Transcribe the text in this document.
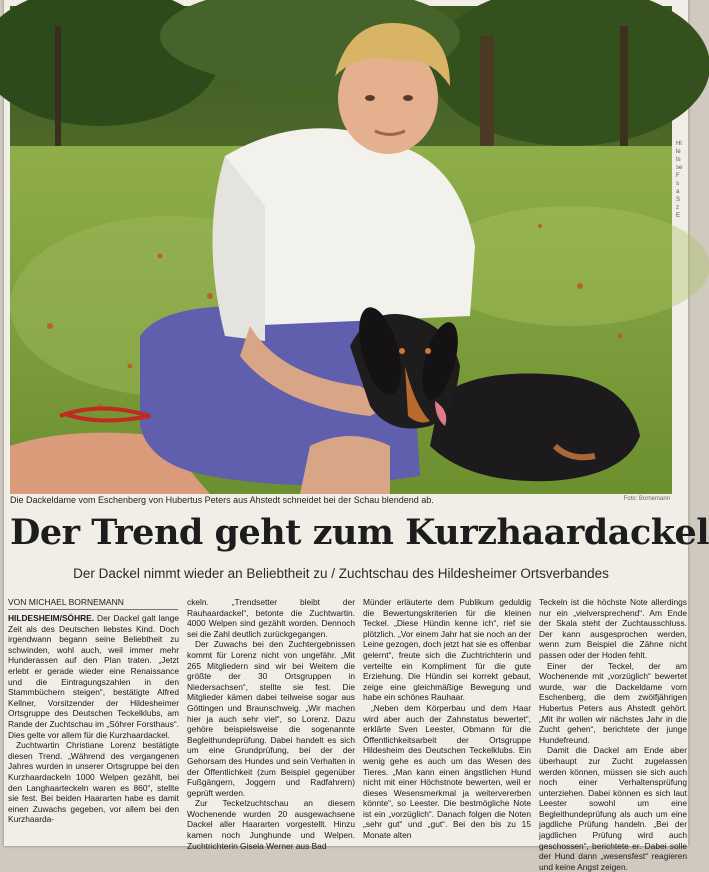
Hl
le
Is
se
F
s
a
S
z
E
Die Dackeldame vom Eschenberg von Hubertus Peters aus Ahstedt schneidet bei der Schau blendend ab.	Foto: Bornemann
Der Trend geht zum Kurzhaardackel
Der Dackel nimmt wieder an Beliebtheit zu / Zuchtschau des Hildesheimer Ortsverbandes
VON MICHAEL BORNEMANN

HILDESHEIM/SÖHRE. Der Dackel galt lange Zeit als des Deutschen liebstes Kind. Doch irgendwann begann seine Beliebtheit zu schwinden, wohl auch, weil immer mehr Hunderassen auf den Plan traten. „Jetzt erlebt er gerade wieder eine Renaissance und die Eintragungszahlen in den Stammbüchern steigen“, bestätigte Alfred Kellner, Vorsitzender der Hildesheimer Ortsgruppe des Deutschen Teckelklubs, am Rande der Zuchtschau im „Söhrer Forsthaus“. Dies gelte vor allem für die Kurzhaardackel.

Zuchtwartin Christiane Lorenz bestätigte diesen Trend. „Während des vergangenen Jahres wurden in unserer Ortsgruppe bei den Kurzhaardackeln 1000 Welpen gezählt, bei den Langhaarteckeln waren es 860“, stellte sie fest. Bei beiden Haararten habe es damit einen Zuwachs gegeben, vor allem bei den Kurzhaarda-

ckeln. „Trendsetter bleibt der Rauhaardackel“, betonte die Zuchtwartin. 4000 Welpen sind gezählt worden. Dennoch sei die Zahl deutlich zurückgegangen.

Der Zuwachs bei den Zuchtergebnissen kommt für Lorenz nicht von ungefähr. „Mit 265 Mitgliedern sind wir bei Weitem die größte der 30 Ortsgruppen in Niedersachsen“, stellte sie fest. Die Mitglieder kämen dabei teilweise sogar aus Göttingen und Braunschweig. „Wir machen hier ja auch sehr viel“, so Lorenz. Dazu gehöre beispielsweise die sogenannte Begleithundeprüfung. Dabei handelt es sich um eine Grundprüfung, bei der der Gehorsam des Hundes und sein Verhalten in der Öffentlichkeit (zum Beispiel gegenüber Fußgängern, Joggern und Radfahrern) geprüft werden.

Zur Teckelzuchtschau an diesem Wochenende wurden 20 ausgewachsene Dackel aller Haararten vorgestellt. Hinzu kamen noch Junghunde und Welpen. Zuchtrichterin Gisela Werner aus Bad

Münder erläuterte dem Publikum geduldig die Bewertungskriterien für die kleinen Teckel. „Diese Hündin kenne ich“, rief sie plötzlich. „Vor einem Jahr hat sie noch an der Leine gezogen, doch jetzt hat sie es offenbar gelernt“, freute sich die Zuchtrichterin und verteilte ein Kompliment für die gute Erziehung. Die Hündin sei korrekt gebaut, zeige eine gleichmäßige Bewegung und habe ein schönes Rauhaar.

„Neben dem Körperbau und dem Haar wird aber auch der Zahnstatus bewertet“, erklärte Sven Leester, Obmann für die Öffentlichkeitsarbeit der Ortsgruppe Hildesheim des Deutschen Teckelklubs. Ein wenig gehe es auch um das Wesen des Tieres. „Man kann einen ängstlichen Hund nicht mit einer Höchstnote bewerten, weil er dieses Wesensmerkmal ja weitervererben könnte“, so Leester. Die bestmögliche Note ist ein „vorzüglich“. Danach folgen die Noten „sehr gut“ und „gut“. Bei den bis zu 15 Monate alten

Teckeln ist die höchste Note allerdings nur ein „vielversprechend“. Am Ende der Skala steht der Zuchtausschluss. Der kann ausgesprochen werden, wenn zum Beispiel die Zähne nicht passen oder der Hoden fehlt.

Einer der Teckel, der am Wochenende mit „vorzüglich“ bewertet wurde, war die Dackeldame vom Eschenberg, die dem zwölfjährigen Hubertus Peters aus Ahstedt gehört. „Mit ihr wollen wir nächstes Jahr in die Zucht gehen“, berichtete der junge Hundefreund.

Damit die Dackel am Ende aber überhaupt zur Zucht zugelassen werden können, müssen sie sich auch noch einer Verhaltensprüfung unterziehen. Dabei können es sich laut Leester sowohl um eine Begleithundeprüfung als auch um eine jagdliche Prüfung handeln. „Bei der jagdlichen Prüfung wird auch geschossen“, berichtete er. Dabei solle der Hund dann „wesensfest“ reagieren und keine Angst zeigen.
